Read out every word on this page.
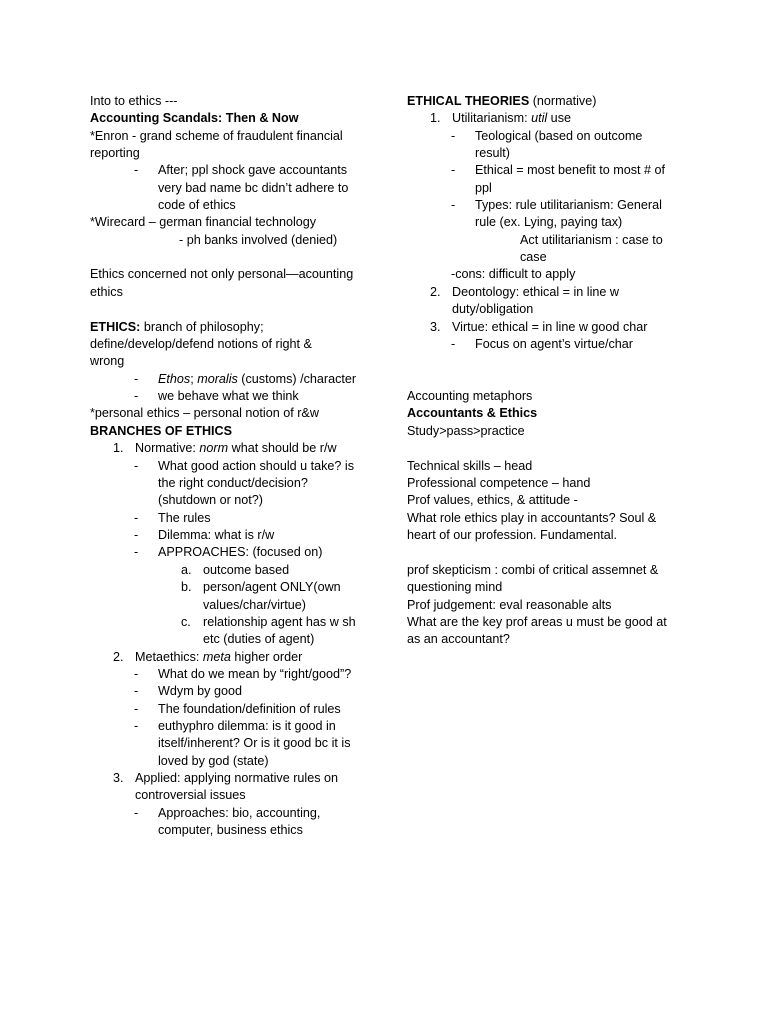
Into to ethics ---
Accounting Scandals: Then & Now
*Enron - grand scheme of fraudulent financial
reporting
- After; ppl shock gave accountants
very bad name bc didn’t adhere to
code of ethics
*Wirecard – german financial technology
- ph banks involved (denied)
Ethics concerned not only personal—acounting
ethics
ETHICS: branch of philosophy;
define/develop/defend notions of right &
wrong
- Ethos; moralis (customs) /character
- we behave what we think
*personal ethics – personal notion of r&w
BRANCHES OF ETHICS
1. Normative: norm what should be r/w
- What good action should u take? is
the right conduct/decision?
(shutdown or not?)
- The rules
- Dilemma: what is r/w
- APPROACHES: (focused on)
a. outcome based
b. person/agent ONLY(own
values/char/virtue)
c. relationship agent has w sh
etc (duties of agent)
2. Metaethics: meta higher order
- What do we mean by “right/good”?
- Wdym by good
- The foundation/definition of rules
- euthyphro dilemma: is it good in
itself/inherent? Or is it good bc it is
loved by god (state)
3. Applied: applying normative rules on
controversial issues
- Approaches: bio, accounting,
computer, business ethics
ETHICAL THEORIES (normative)
1. Utilitarianism: util use
- Teological (based on outcome
result)
- Ethical = most benefit to most # of
ppl
- Types: rule utilitarianism: General
rule (ex. Lying, paying tax)
Act utilitarianism : case to
case
-cons: difficult to apply
2. Deontology: ethical = in line w
duty/obligation
3. Virtue: ethical = in line w good char
- Focus on agent’s virtue/char
Accounting metaphors
Accountants & Ethics
Study>pass>practice
Technical skills – head
Professional competence – hand
Prof values, ethics, & attitude -
What role ethics play in accountants? Soul &
heart of our profession. Fundamental.
prof skepticism : combi of critical assemnet &
questioning mind
Prof judgement: eval reasonable alts
What are the key prof areas u must be good at
as an accountant?
